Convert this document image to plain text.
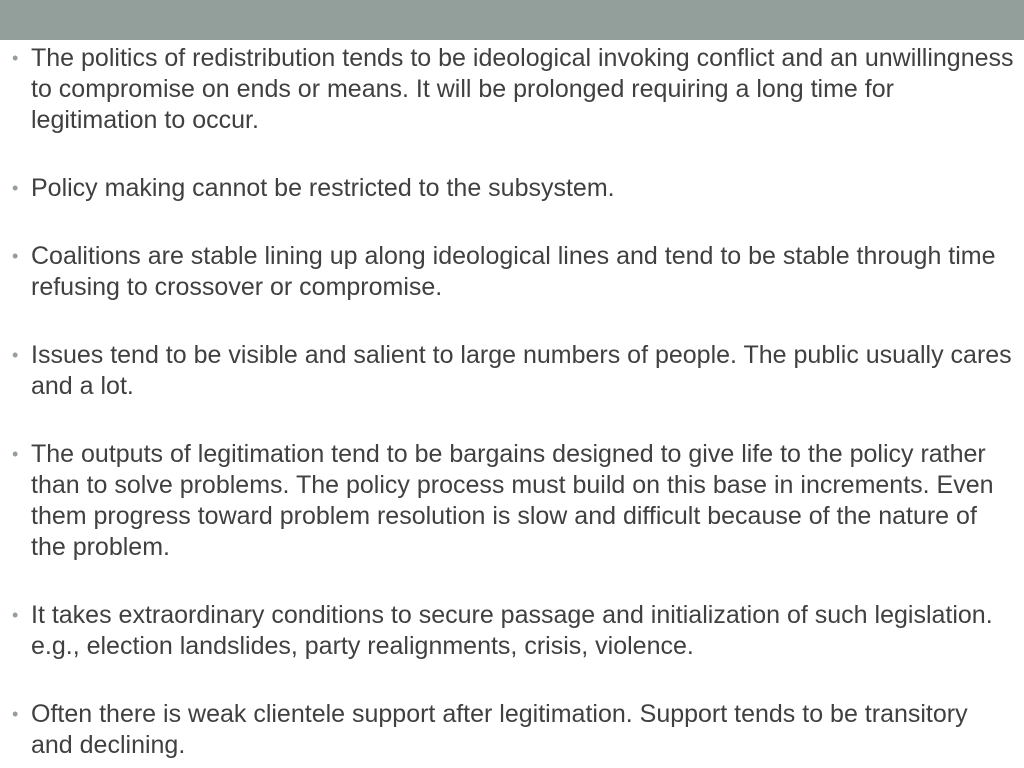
• The politics of redistribution tends to be ideological invoking conflict and an unwillingness to compromise on ends or means. It will be prolonged requiring a long time for legitimation to occur.
• Policy making cannot be restricted to the subsystem.
• Coalitions are stable lining up along ideological lines and tend to be stable through time refusing to crossover or compromise.
• Issues tend to be visible and salient to large numbers of people. The public usually cares and a lot.
• The outputs of legitimation tend to be bargains designed to give life to the policy rather than to solve problems. The policy process must build on this base in increments. Even them progress toward problem resolution is slow and difficult because of the nature of the problem.
• It takes extraordinary conditions to secure passage and initialization of such legislation. e.g., election landslides, party realignments, crisis, violence.
• Often there is weak clientele support after legitimation. Support tends to be transitory and declining.
